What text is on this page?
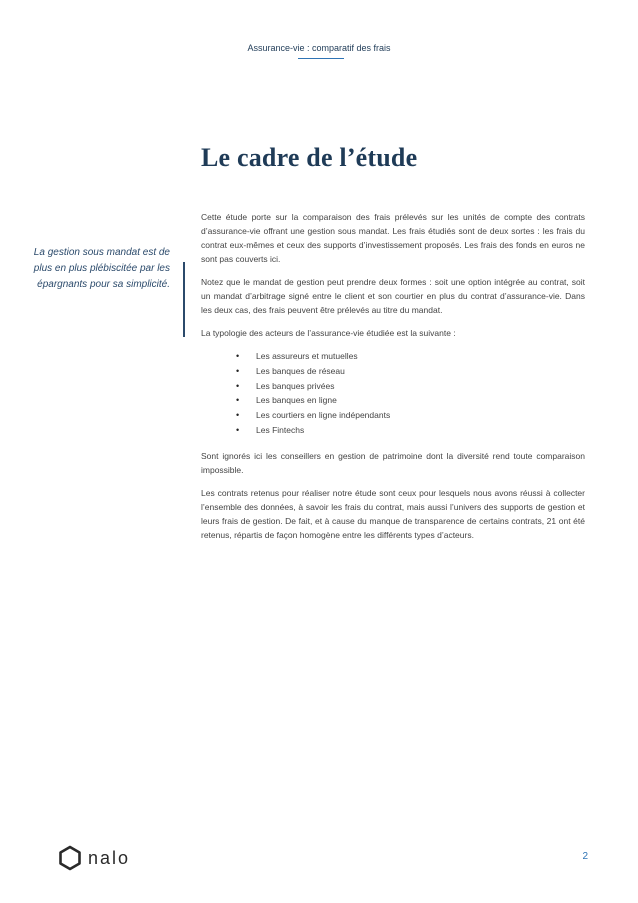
Assurance-vie : comparatif des frais
Le cadre de l’étude
La gestion sous mandat est de plus en plus plébiscitée par les épargnants pour sa simplicité.

Cette étude porte sur la comparaison des frais prélevés sur les unités de compte des contrats d’assurance-vie offrant une gestion sous mandat. Les frais étudiés sont de deux sortes : les frais du contrat eux-mêmes et ceux des supports d’investissement proposés. Les frais des fonds en euros ne sont pas couverts ici.

Notez que le mandat de gestion peut prendre deux formes : soit une option intégrée au contrat, soit un mandat d’arbitrage signé entre le client et son courtier en plus du contrat d’assurance-vie. Dans les deux cas, des frais peuvent être prélevés au titre du mandat.

La typologie des acteurs de l’assurance-vie étudiée est la suivante :

• Les assureurs et mutuelles
• Les banques de réseau
• Les banques privées
• Les banques en ligne
• Les courtiers en ligne indépendants
• Les Fintechs

Sont ignorés ici les conseillers en gestion de patrimoine dont la diversité rend toute comparaison impossible.

Les contrats retenus pour réaliser notre étude sont ceux pour lesquels nous avons réussi à collecter l’ensemble des données, à savoir les frais du contrat, mais aussi l’univers des supports de gestion et leurs frais de gestion. De fait, et à cause du manque de transparence de certains contrats, 21 ont été retenus, répartis de façon homogène entre les différents types d’acteurs.

nalo	2
